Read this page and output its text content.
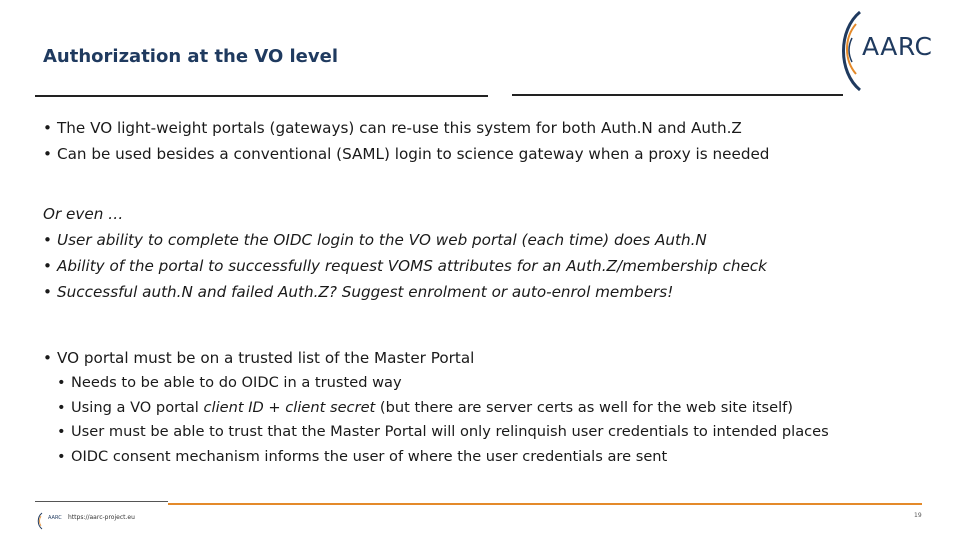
Authorization at the VO level	AARC
• The VO light-weight portals (gateways) can re-use this system for both Auth.N and Auth.Z
• Can be used besides a conventional (SAML) login to science gateway when a proxy is needed
Or even …
• User ability to complete the OIDC login to the VO web portal (each time) does Auth.N
• Ability of the portal to successfully request VOMS attributes for an Auth.Z/membership check
• Successful auth.N and failed Auth.Z? Suggest enrolment or auto-enrol members!
• VO portal must be on a trusted list of the Master Portal
• Needs to be able to do OIDC in a trusted way
• Using a VO portal client ID + client secret (but there are server certs as well for the web site itself)
• User must be able to trust that the Master Portal will only relinquish user credentials to intended places
• OIDC consent mechanism informs the user of where the user credentials are sent
AARC https://aarc-project.eu	19
